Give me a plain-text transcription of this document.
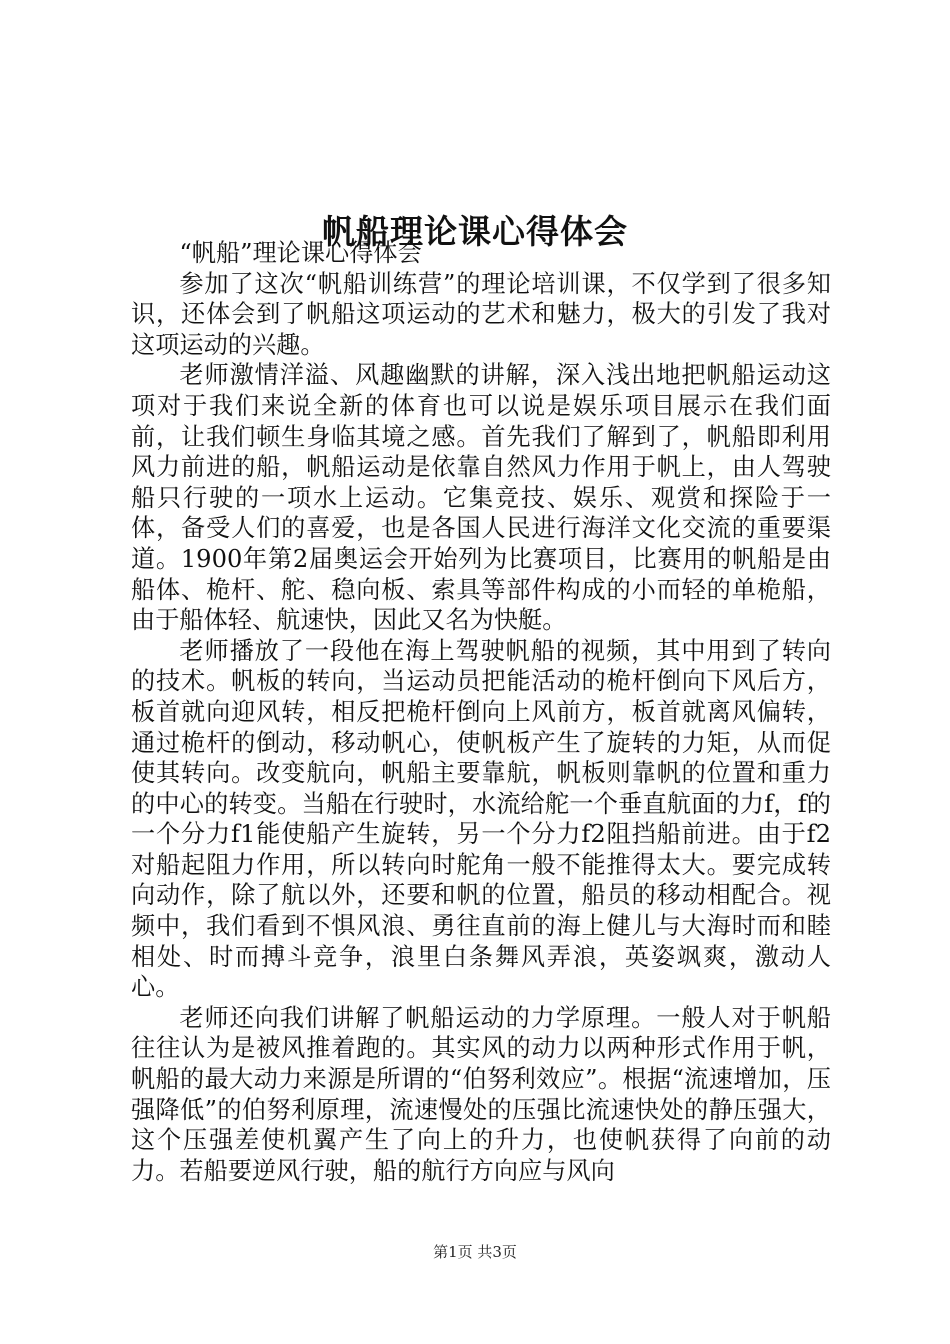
帆船理论课心得体会

“帆船”理论课心得体会

参加了这次“帆船训练营”的理论培训课，不仅学到了很多知识，还体会到了帆船这项运动的艺术和魅力，极大的引发了我对这项运动的兴趣。

老师激情洋溢、风趣幽默的讲解，深入浅出地把帆船运动这项对于我们来说全新的体育也可以说是娱乐项目展示在我们面前，让我们顿生身临其境之感。首先我们了解到了，帆船即利用风力前进的船，帆船运动是依靠自然风力作用于帆上，由人驾驶船只行驶的一项水上运动。它集竞技、娱乐、观赏和探险于一体，备受人们的喜爱，也是各国人民进行海洋文化交流的重要渠道。1900年第2届奥运会开始列为比赛项目，比赛用的帆船是由船体、桅杆、舵、稳向板、索具等部件构成的小而轻的单桅船，由于船体轻、航速快，因此又名为快艇。

老师播放了一段他在海上驾驶帆船的视频，其中用到了转向的技术。帆板的转向，当运动员把能活动的桅杆倒向下风后方，板首就向迎风转，相反把桅杆倒向上风前方，板首就离风偏转，通过桅杆的倒动，移动帆心，使帆板产生了旋转的力矩，从而促使其转向。改变航向，帆船主要靠航，帆板则靠帆的位置和重力的中心的转变。当船在行驶时，水流给舵一个垂直航面的力f，f的一个分力f1能使船产生旋转，另一个分力f2阻挡船前进。由于f2对船起阻力作用，所以转向时舵角一般不能推得太大。要完成转向动作，除了航以外，还要和帆的位置，船员的移动相配合。视频中，我们看到不惧风浪、勇往直前的海上健儿与大海时而和睦相处、时而搏斗竞争，浪里白条舞风弄浪，英姿飒爽，激动人心。

老师还向我们讲解了帆船运动的力学原理。一般人对于帆船往往认为是被风推着跑的。其实风的动力以两种形式作用于帆，帆船的最大动力来源是所谓的“伯努利效应”。根据“流速增加，压强降低”的伯努利原理，流速慢处的压强比流速快处的静压强大，这个压强差使机翼产生了向上的升力，也使帆获得了向前的动力。若船要逆风行驶，船的航行方向应与风向

第1页 共3页
